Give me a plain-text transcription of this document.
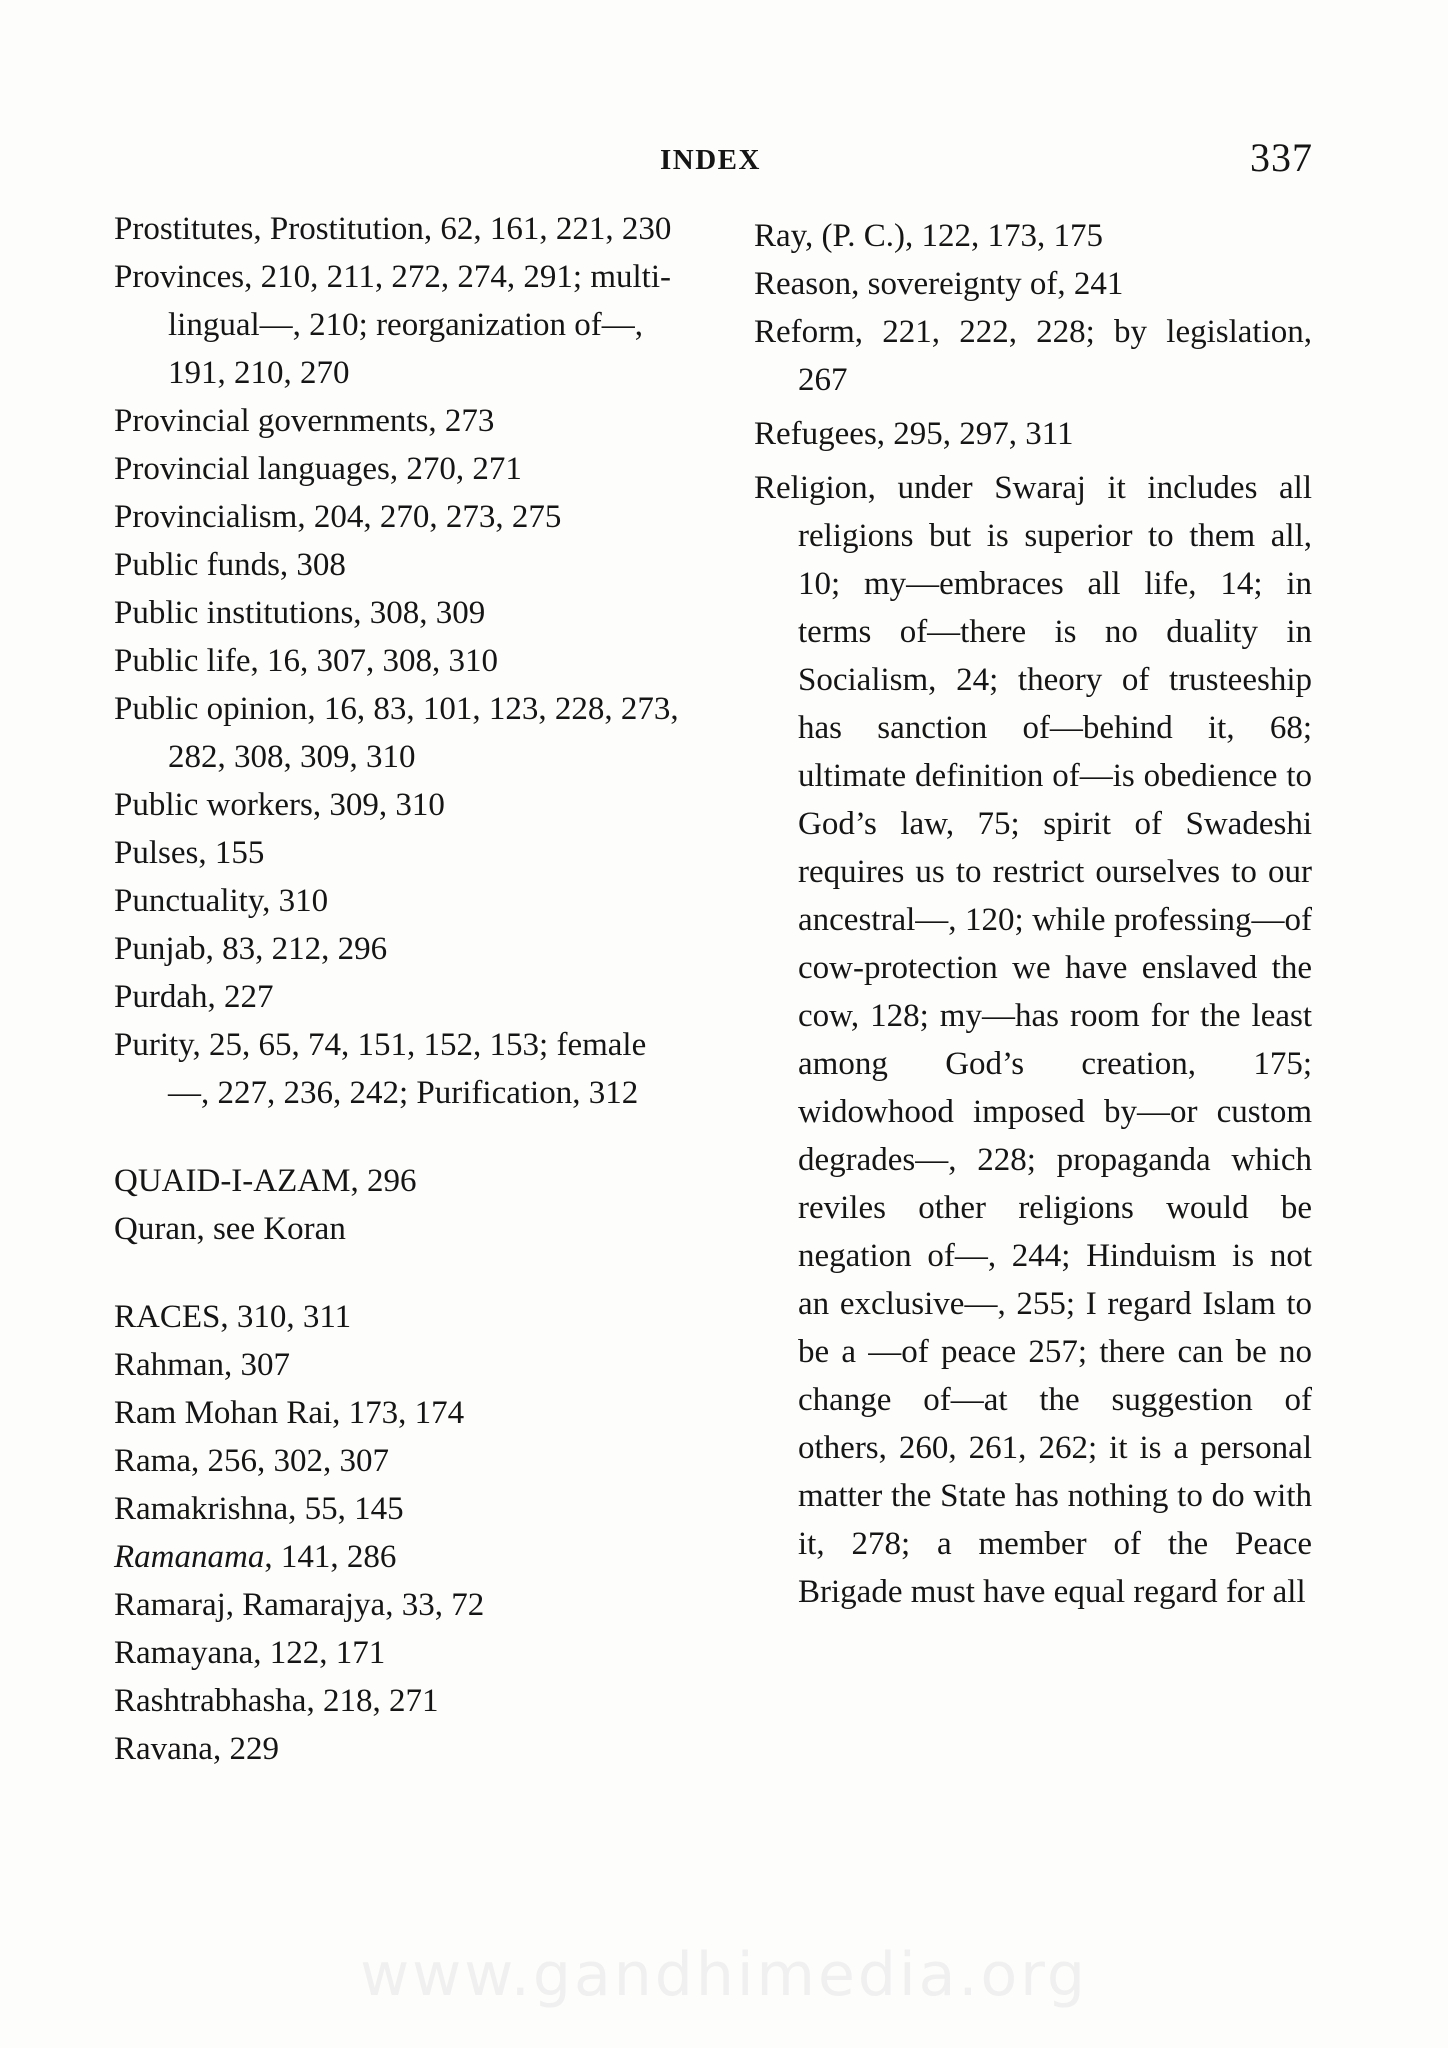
INDEX	337
Prostitutes, Prostitution, 62, 161, 221, 230
Provinces, 210, 211, 272, 274, 291; multi-lingual—, 210; reorganization of—, 191, 210, 270
Provincial governments, 273
Provincial languages, 270, 271
Provincialism, 204, 270, 273, 275
Public funds, 308
Public institutions, 308, 309
Public life, 16, 307, 308, 310
Public opinion, 16, 83, 101, 123, 228, 273, 282, 308, 309, 310
Public workers, 309, 310
Pulses, 155
Punctuality, 310
Punjab, 83, 212, 296
Purdah, 227
Purity, 25, 65, 74, 151, 152, 153; female—, 227, 236, 242; Purification, 312
QUAID-I-AZAM, 296
Quran, see Koran
RACES, 310, 311
Rahman, 307
Ram Mohan Rai, 173, 174
Rama, 256, 302, 307
Ramakrishna, 55, 145
Ramanama, 141, 286
Ramaraj, Ramarajya, 33, 72
Ramayana, 122, 171
Rashtrabhasha, 218, 271
Ravana, 229
Ray, (P. C.), 122, 173, 175
Reason, sovereignty of, 241
Reform, 221, 222, 228; by legislation, 267
Refugees, 295, 297, 311
Religion, under Swaraj it includes all religions but is superior to them all, 10; my—embraces all life, 14; in terms of—there is no duality in Socialism, 24; theory of trusteeship has sanction of—behind it, 68; ultimate definition of—is obedience to God’s law, 75; spirit of Swadeshi requires us to restrict ourselves to our ancestral—, 120; while professing—of cow-protection we have enslaved the cow, 128; my—has room for the least among God’s creation, 175; widowhood imposed by—or custom degrades—, 228; propaganda which reviles other religions would be negation of—, 244; Hinduism is not an exclusive—, 255; I regard Islam to be a —of peace 257; there can be no change of—at the suggestion of others, 260, 261, 262; it is a personal matter the State has nothing to do with it, 278; a member of the Peace Brigade must have equal regard for all
www.gandhimedia.org
